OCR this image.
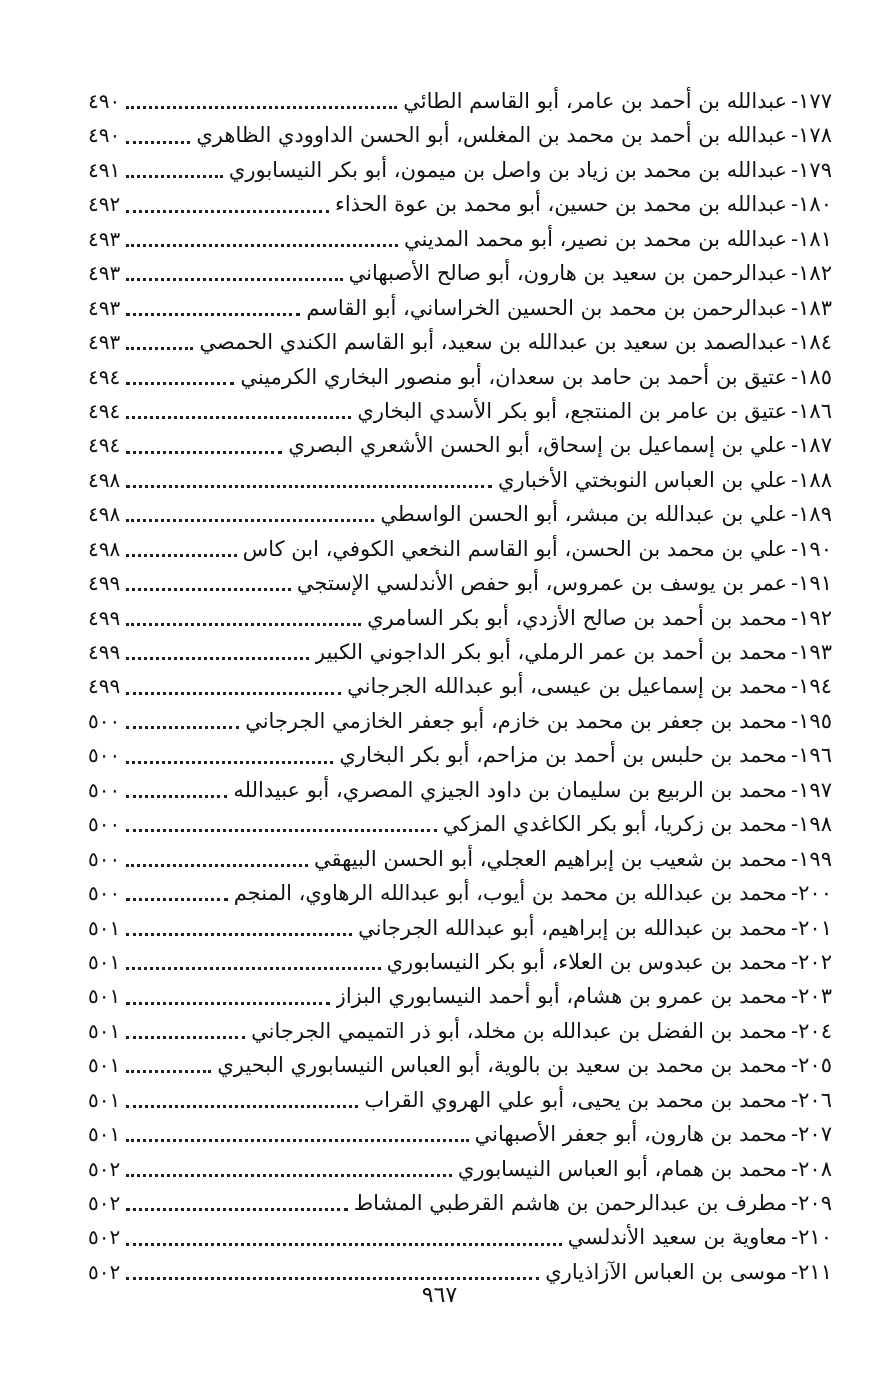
١٧٧
-
عبدالله بن أحمد بن عامر، أبو القاسم الطائي
٤٩٠
١٧٨
-
عبدالله بن أحمد بن محمد بن المغلس، أبو الحسن الداوودي الظاهري
٤٩٠
١٧٩
-
عبدالله بن محمد بن زياد بن واصل بن ميمون، أبو بكر النيسابوري
٤٩١
١٨٠
-
عبدالله بن محمد بن حسين، أبو محمد بن عوة الحذاء
٤٩٢
١٨١
-
عبدالله بن محمد بن نصير، أبو محمد المديني
٤٩٣
١٨٢
-
عبدالرحمن بن سعيد بن هارون، أبو صالح الأصبهاني
٤٩٣
١٨٣
-
عبدالرحمن بن محمد بن الحسين الخراساني، أبو القاسم
٤٩٣
١٨٤
-
عبدالصمد بن سعيد بن عبدالله بن سعيد، أبو القاسم الكندي الحمصي
٤٩٣
١٨٥
-
عتيق بن أحمد بن حامد بن سعدان، أبو منصور البخاري الكرميني
٤٩٤
١٨٦
-
عتيق بن عامر بن المنتجع، أبو بكر الأسدي البخاري
٤٩٤
١٨٧
-
علي بن إسماعيل بن إسحاق، أبو الحسن الأشعري البصري
٤٩٤
١٨٨
-
علي بن العباس النوبختي الأخباري
٤٩٨
١٨٩
-
علي بن عبدالله بن مبشر، أبو الحسن الواسطي
٤٩٨
١٩٠
-
علي بن محمد بن الحسن، أبو القاسم النخعي الكوفي، ابن كاس
٤٩٨
١٩١
-
عمر بن يوسف بن عمروس، أبو حفص الأندلسي الإستجي
٤٩٩
١٩٢
-
محمد بن أحمد بن صالح الأزدي، أبو بكر السامري
٤٩٩
١٩٣
-
محمد بن أحمد بن عمر الرملي، أبو بكر الداجوني الكبير
٤٩٩
١٩٤
-
محمد بن إسماعيل بن عيسى، أبو عبدالله الجرجاني
٤٩٩
١٩٥
-
محمد بن جعفر بن محمد بن خازم، أبو جعفر الخازمي الجرجاني
٥٠٠
١٩٦
-
محمد بن حلبس بن أحمد بن مزاحم، أبو بكر البخاري
٥٠٠
١٩٧
-
محمد بن الربيع بن سليمان بن داود الجيزي المصري، أبو عبيدالله
٥٠٠
١٩٨
-
محمد بن زكريا، أبو بكر الكاغدي المزكي
٥٠٠
١٩٩
-
محمد بن شعيب بن إبراهيم العجلي، أبو الحسن البيهقي
٥٠٠
٢٠٠
-
محمد بن عبدالله بن محمد بن أيوب، أبو عبدالله الرهاوي، المنجم
٥٠٠
٢٠١
-
محمد بن عبدالله بن إبراهيم، أبو عبدالله الجرجاني
٥٠١
٢٠٢
-
محمد بن عبدوس بن العلاء، أبو بكر النيسابوري
٥٠١
٢٠٣
-
محمد بن عمرو بن هشام، أبو أحمد النيسابوري البزاز
٥٠١
٢٠٤
-
محمد بن الفضل بن عبدالله بن مخلد، أبو ذر التميمي الجرجاني
٥٠١
٢٠٥
-
محمد بن محمد بن سعيد بن بالوية، أبو العباس النيسابوري البحيري
٥٠١
٢٠٦
-
محمد بن محمد بن يحيى، أبو علي الهروي القراب
٥٠١
٢٠٧
-
محمد بن هارون، أبو جعفر الأصبهاني
٥٠١
٢٠٨
-
محمد بن همام، أبو العباس النيسابوري
٥٠٢
٢٠٩
-
مطرف بن عبدالرحمن بن هاشم القرطبي المشاط
٥٠٢
٢١٠
-
معاوية بن سعيد الأندلسي
٥٠٢
٢١١
-
موسى بن العباس الآزاذياري
٥٠٢
٩٦٧
